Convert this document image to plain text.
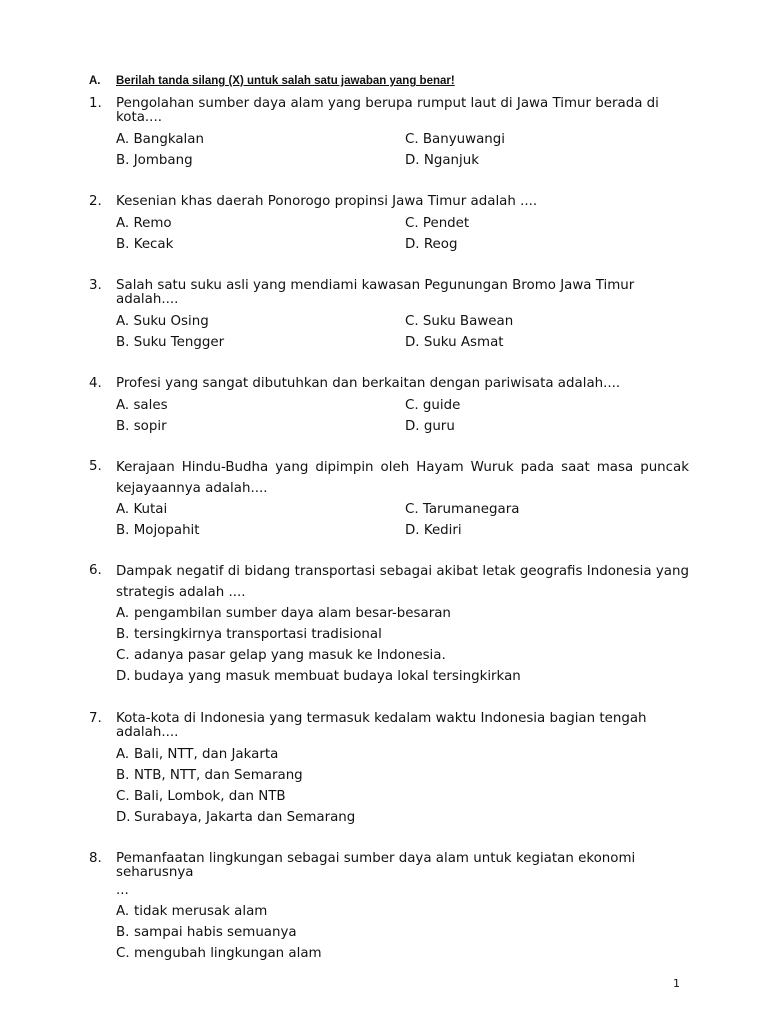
A. Berilah tanda silang (X) untuk salah satu jawaban yang benar!
1. Pengolahan sumber daya alam yang berupa rumput laut di Jawa Timur berada di kota....
A. Bangkalan
B. Jombang
C. Banyuwangi
D. Nganjuk
2. Kesenian khas daerah Ponorogo propinsi Jawa Timur adalah ....
A. Remo
B. Kecak
C. Pendet
D. Reog
3. Salah satu suku asli yang mendiami kawasan Pegunungan Bromo Jawa Timur adalah....
A. Suku Osing
B. Suku Tengger
C. Suku Bawean
D. Suku Asmat
4. Profesi yang sangat dibutuhkan dan berkaitan dengan pariwisata adalah....
A. sales
B. sopir
C. guide
D. guru
5. Kerajaan Hindu-Budha yang dipimpin oleh Hayam Wuruk pada saat masa puncak kejayaannya adalah....
A. Kutai
B. Mojopahit
C. Tarumanegara
D. Kediri
6. Dampak negatif di bidang transportasi sebagai akibat letak geografis Indonesia yang strategis adalah ....
A. pengambilan sumber daya alam besar-besaran
B. tersingkirnya transportasi tradisional
C. adanya pasar gelap yang masuk ke Indonesia.
D. budaya yang masuk membuat budaya lokal tersingkirkan
7. Kota-kota di Indonesia yang termasuk kedalam waktu Indonesia bagian tengah adalah....
A. Bali, NTT, dan Jakarta
B. NTB, NTT, dan Semarang
C. Bali, Lombok, dan NTB
D. Surabaya, Jakarta dan Semarang
8. Pemanfaatan lingkungan sebagai sumber daya alam untuk kegiatan ekonomi seharusnya
...
A. tidak merusak alam
B. sampai habis semuanya
C. mengubah lingkungan alam
1
